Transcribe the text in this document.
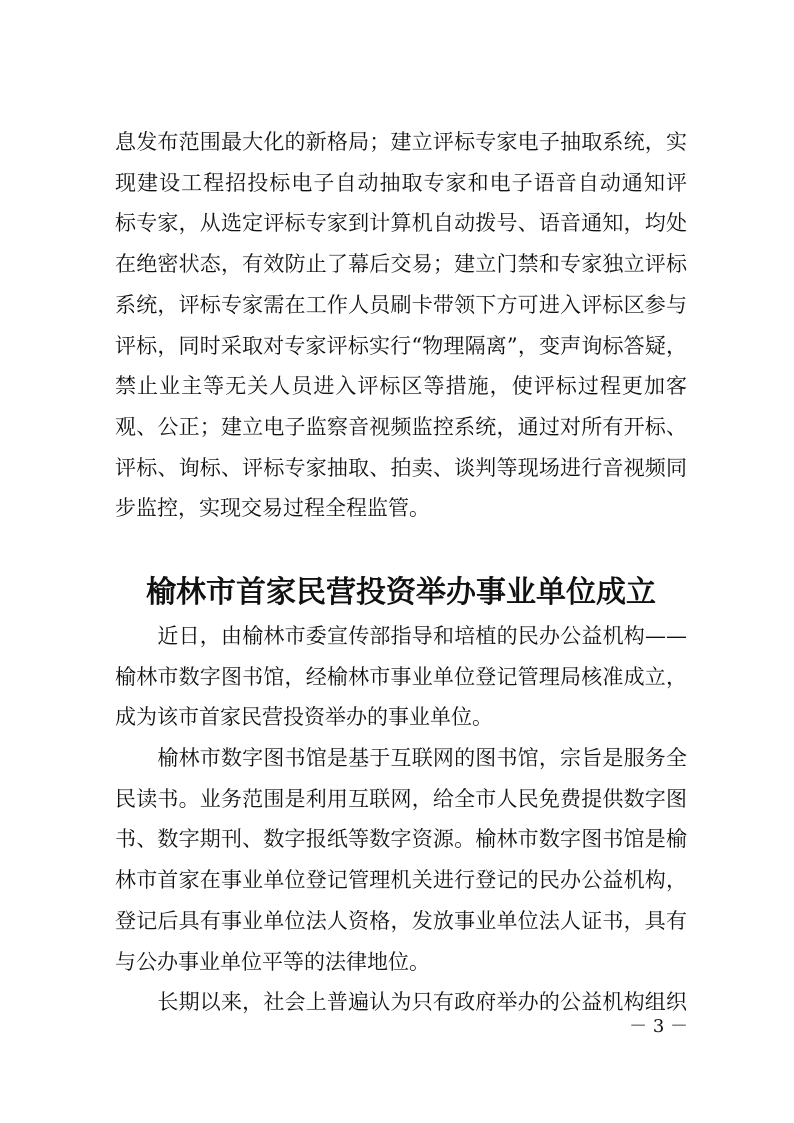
息发布范围最大化的新格局；建立评标专家电子抽取系统，实
现建设工程招投标电子自动抽取专家和电子语音自动通知评
标专家，从选定评标专家到计算机自动拨号、语音通知，均处
在绝密状态，有效防止了幕后交易；建立门禁和专家独立评标
系统，评标专家需在工作人员刷卡带领下方可进入评标区参与
评标，同时采取对专家评标实行“物理隔离”，变声询标答疑，
禁止业主等无关人员进入评标区等措施，使评标过程更加客
观、公正；建立电子监察音视频监控系统，通过对所有开标、
评标、询标、评标专家抽取、拍卖、谈判等现场进行音视频同
步监控，实现交易过程全程监管。
榆林市首家民营投资举办事业单位成立
　　近日，由榆林市委宣传部指导和培植的民办公益机构——
榆林市数字图书馆，经榆林市事业单位登记管理局核准成立，
成为该市首家民营投资举办的事业单位。
　　榆林市数字图书馆是基于互联网的图书馆，宗旨是服务全
民读书。业务范围是利用互联网，给全市人民免费提供数字图
书、数字期刊、数字报纸等数字资源。榆林市数字图书馆是榆
林市首家在事业单位登记管理机关进行登记的民办公益机构，
登记后具有事业单位法人资格，发放事业单位法人证书，具有
与公办事业单位平等的法律地位。
　　长期以来，社会上普遍认为只有政府举办的公益机构组织
－ 3 －
